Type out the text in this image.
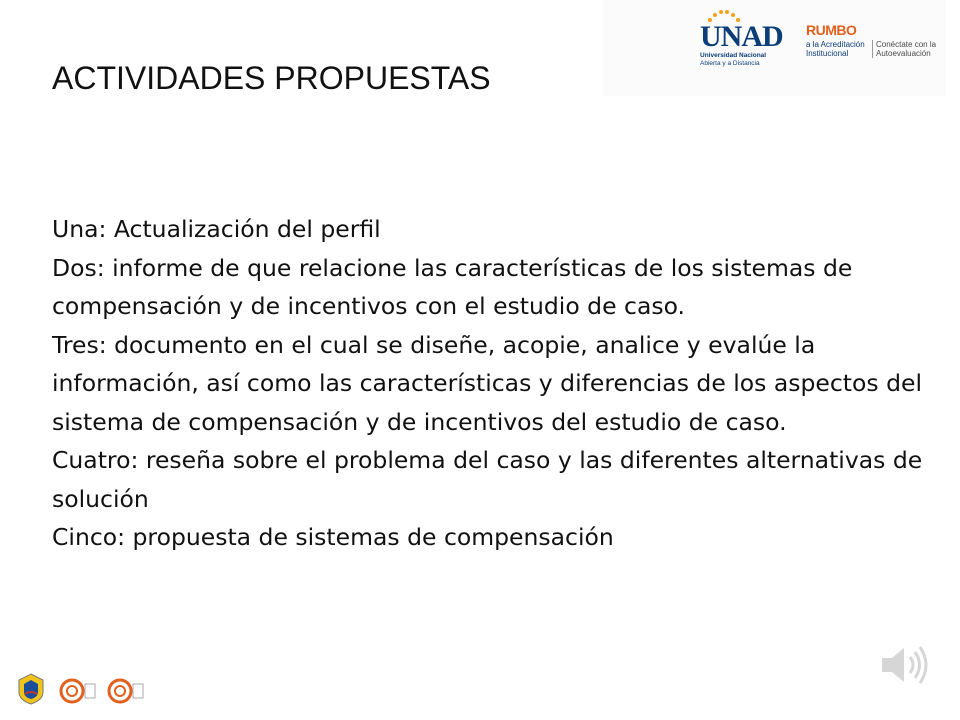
UNAD
Universidad Nacional
Abierta y a Distancia
RUMBO
a la Acreditación
Institucional
Conéctate con la
Autoevaluación
ACTIVIDADES PROPUESTAS

Una: Actualización del perfil

Dos: informe de que relacione las características de los sistemas de compensación y de incentivos con el estudio de caso.

Tres: documento en el cual se diseñe, acopie, analice y evalúe la información, así como las características y diferencias de los aspectos del sistema de compensación y de incentivos del estudio de caso.

Cuatro: reseña sobre el problema del caso y las diferentes alternativas de solución

Cinco: propuesta de sistemas de compensación
